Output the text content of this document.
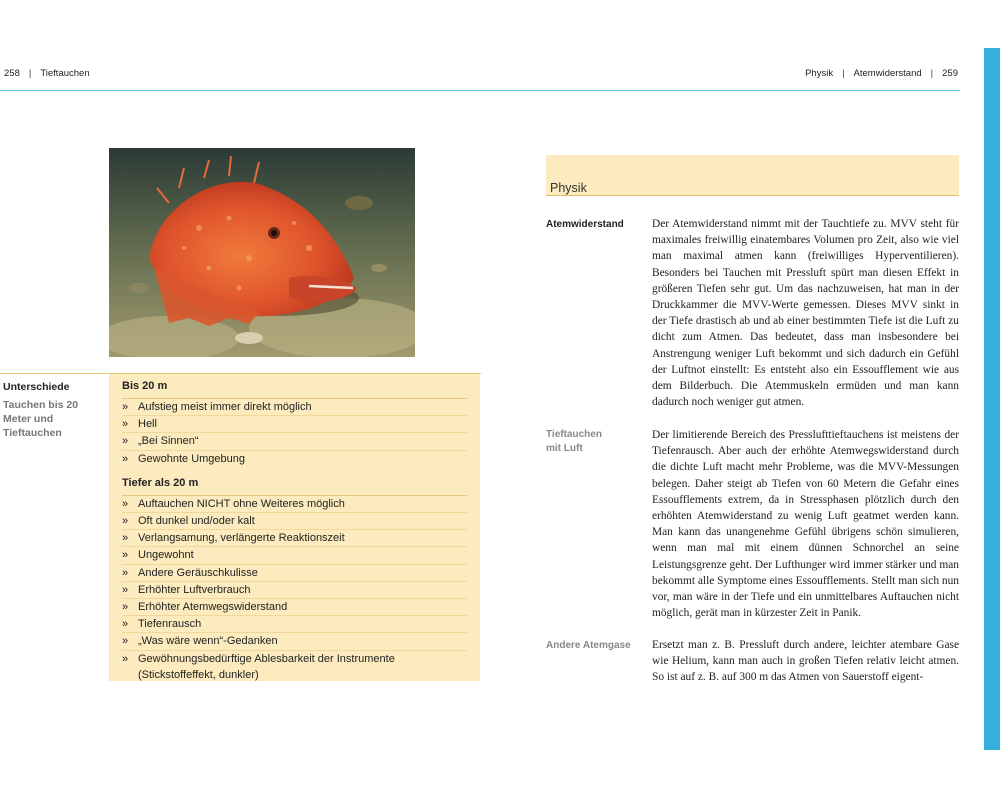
258 | Tieftauchen	Physik | Atemwiderstand | 259
Unterschiede
Tauchen bis 20 Meter und Tieftauchen
Bis 20 m
» Aufstieg meist immer direkt möglich
» Hell
» „Bei Sinnen“
» Gewohnte Umgebung
Tiefer als 20 m
» Auftauchen NICHT ohne Weiteres möglich
» Oft dunkel und/oder kalt
» Verlangsamung, verlängerte Reaktionszeit
» Ungewohnt
» Andere Geräuschkulisse
» Erhöhter Luftverbrauch
» Erhöhter Atemwegswiderstand
» Tiefenrausch
» „Was wäre wenn“-Gedanken
» Gewöhnungsbedürftige Ablesbarkeit der Instrumente (Stickstoffeffekt, dunkler)
Physik
Atemwiderstand	Der Atemwiderstand nimmt mit der Tauchtiefe zu. MVV steht für maximales freiwillig einatembares Volumen pro Zeit, also wie viel man maximal atmen kann (freiwilliges Hyperventilieren). Besonders bei Tauchen mit Pressluft spürt man diesen Effekt in größeren Tiefen sehr gut. Um das nachzuweisen, hat man in der Druckkammer die MVV-Werte gemessen. Dieses MVV sinkt in der Tiefe drastisch ab und ab einer bestimmten Tiefe ist die Luft zu dicht zum Atmen. Das bedeutet, dass man insbesondere bei Anstrengung weniger Luft bekommt und sich dadurch ein Gefühl der Luftnot einstellt: Es entsteht also ein Essoufflement wie aus dem Bilderbuch. Die Atemmuskeln ermüden und man kann dadurch noch weniger gut atmen.

Tieftauchen mit Luft

Der limitierende Bereich des Presslufttieftauchens ist meistens der Tiefenrausch. Aber auch der erhöhte Atemwegswiderstand durch die dichte Luft macht mehr Probleme, was die MVV-Messungen belegen. Daher steigt ab Tiefen von 60 Metern die Gefahr eines Essoufflements extrem, da in Stressphasen plötzlich durch den erhöhten Atemwiderstand zu wenig Luft geatmet werden kann. Man kann das unangenehme Gefühl übrigens schön simulieren, wenn man mal mit einem dünnen Schnorchel an seine Leistungsgrenze geht. Der Lufthunger wird immer stärker und man bekommt alle Symptome eines Essoufflements. Stellt man sich nun vor, man wäre in der Tiefe und ein unmittelbares Auftauchen nicht möglich, gerät man in kürzester Zeit in Panik.

Andere Atemgase	Ersetzt man z. B. Pressluft durch andere, leichter atembare Gase wie Helium, kann man auch in großen Tiefen relativ leicht atmen. So ist auf z. B. auf 300 m das Atmen von Sauerstoff eigent-
